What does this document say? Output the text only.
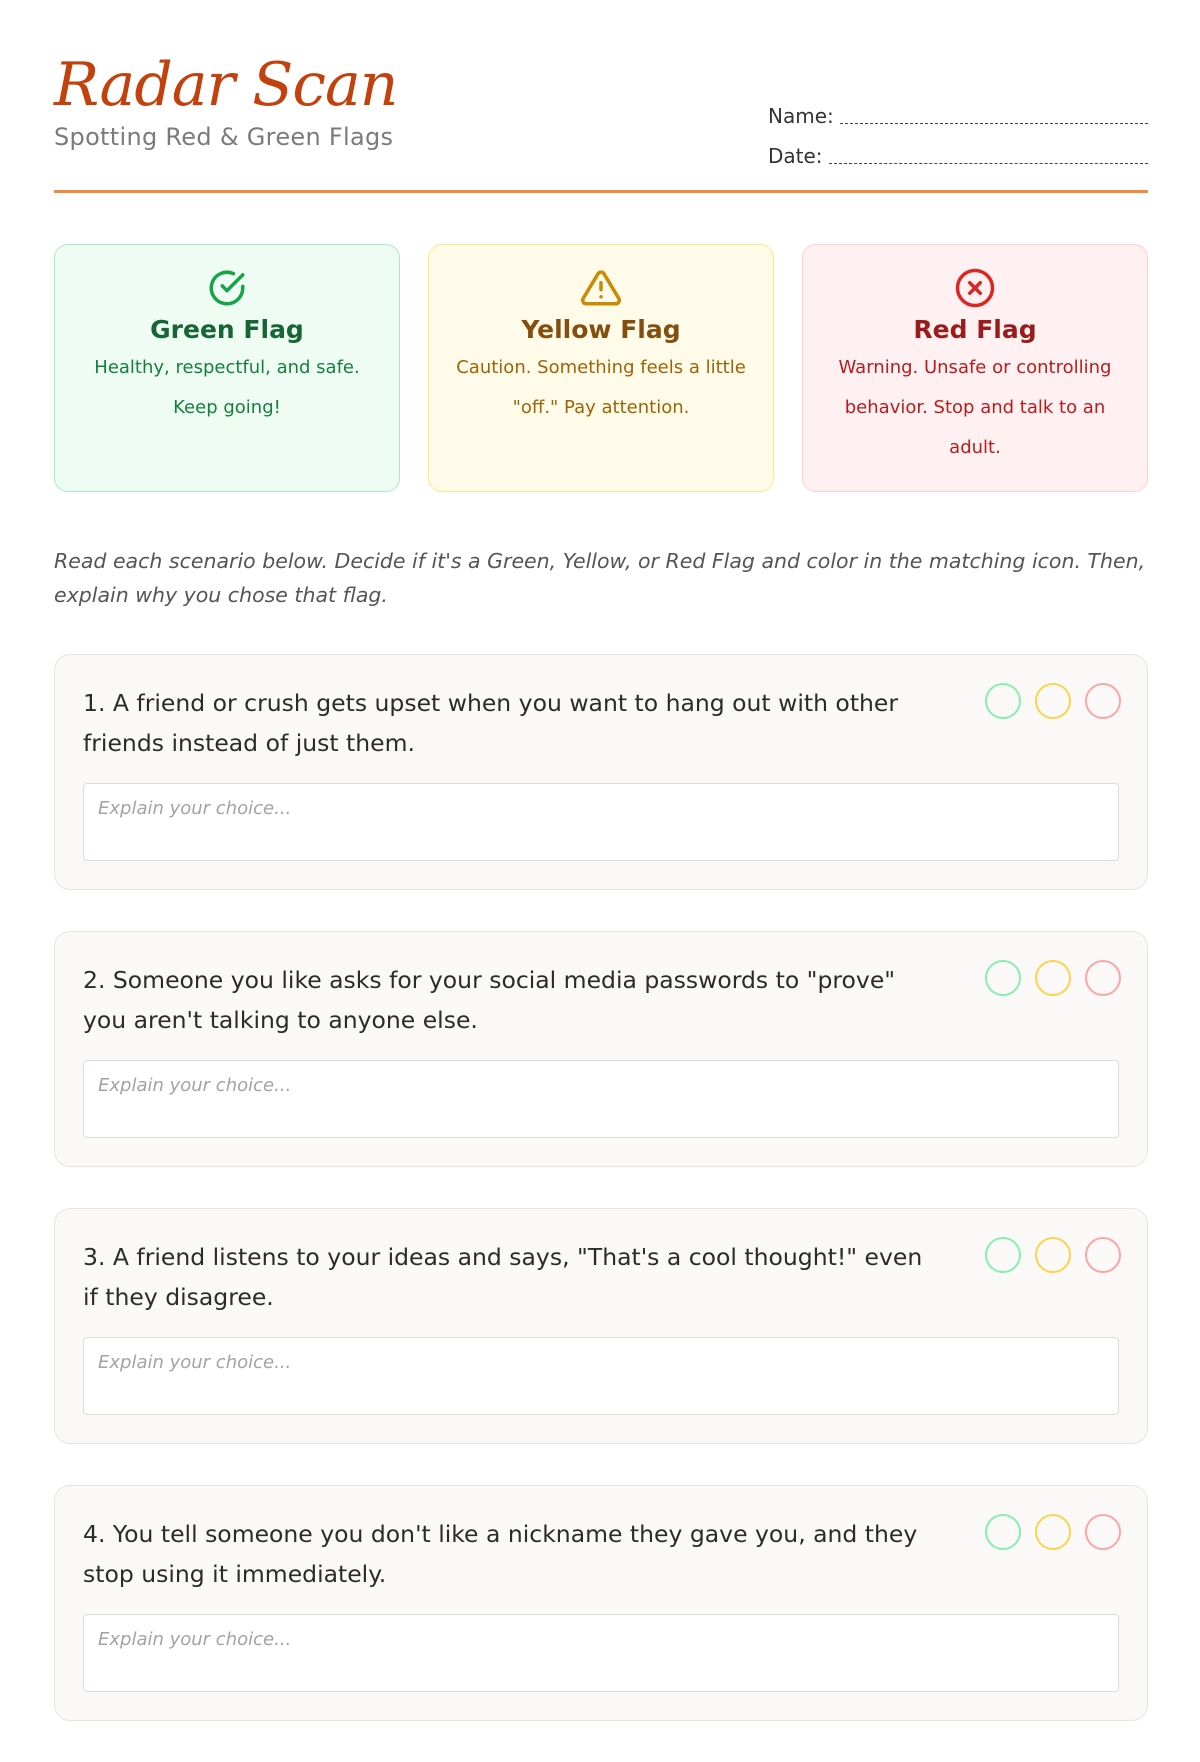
Radar Scan
Spotting Red & Green Flags
Name:
Date:
Green Flag
Healthy, respectful, and safe. Keep going!
Yellow Flag
Caution. Something feels a little "off." Pay attention.
Red Flag
Warning. Unsafe or controlling behavior. Stop and talk to an adult.

Read each scenario below. Decide if it's a Green, Yellow, or Red Flag and color in the matching icon. Then, explain why you chose that flag.

1. A friend or crush gets upset when you want to hang out with other friends instead of just them.

Explain your choice...

2. Someone you like asks for your social media passwords to "prove" you aren't talking to anyone else.

Explain your choice...

3. A friend listens to your ideas and says, "That's a cool thought!" even if they disagree.

Explain your choice...

4. You tell someone you don't like a nickname they gave you, and they stop using it immediately.

Explain your choice...
